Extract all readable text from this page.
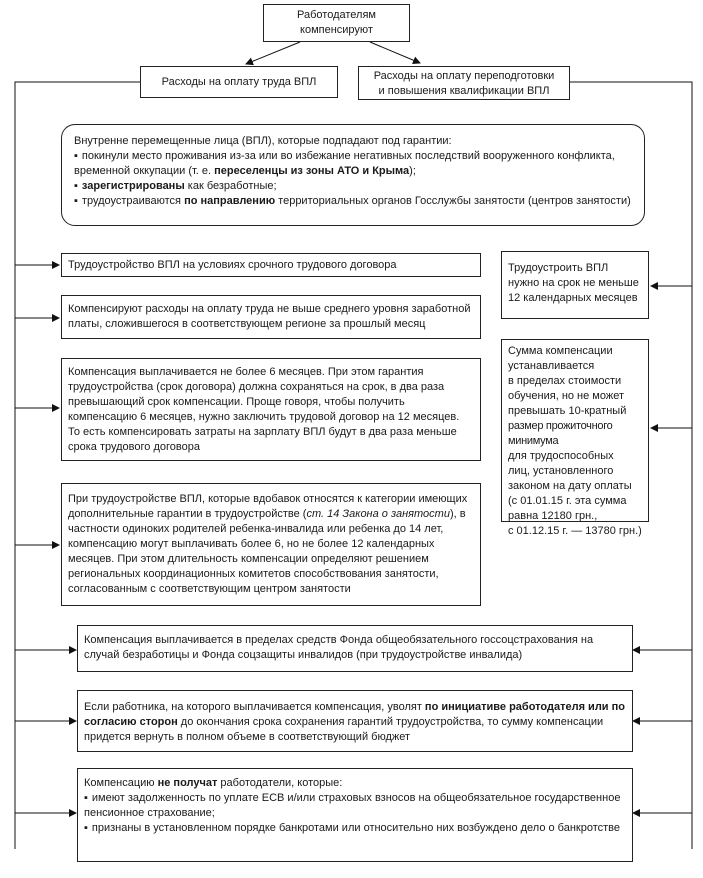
Работодателям
компенсируют
Расходы на оплату труда ВПЛ	Расходы на оплату переподготовки
и повышения квалификации ВПЛ

Внутренне перемещенные лица (ВПЛ), которые подпадают под гарантии:

▪ покинули место проживания из-за или во избежание негативных последствий вооруженного конфликта, временной оккупации (т. е. переселенцы из зоны АТО и Крыма);

▪ зарегистрированы как безработные;

▪ трудоустраиваются по направлению территориальных органов Госслужбы занятости (центров занятости)

Трудоустройство ВПЛ на условиях срочного трудового договора
Компенсируют расходы на оплату труда не выше среднего уровня заработной платы, сложившегося в соответствующем регионе за прошлый месяц
Компенсация выплачивается не более 6 месяцев. При этом гарантия трудоустройства (срок договора) должна сохраняться на срок, в два раза превышающий срок компенсации. Проще говоря, чтобы получить компенсацию 6 месяцев, нужно заключить трудовой договор на 12 месяцев. То есть компенсировать затраты на зарплату ВПЛ будут в два раза меньше срока трудового договора
При трудоустройстве ВПЛ, которые вдобавок относятся к категории имеющих дополнительные гарантии в трудоустройстве (ст. 14 Закона о занятости), в частности одиноких родителей ребенка-инвалида или ребенка до 14 лет, компенсацию могут выплачивать более 6, но не более 12 календарных месяцев. При этом длительность компенсации определяют решением региональных координационных комитетов способствования занятости, согласованным с соответствующим центром занятости
Трудоустроить ВПЛ нужно на срок не меньше 12 календарных месяцев
Сумма компенсации
устанавливается
в пределах стоимости
обучения, но не может
превышать 10-кратный
размер прожиточного минимума
для трудоспособных
лиц, установленного
законом на дату оплаты
(с 01.01.15 г. эта сумма
равна 12180 грн.,
с 01.12.15 г. — 13780 грн.)
Компенсация выплачивается в пределах средств Фонда общеобязательного госсоцстрахования на случай безработицы и Фонда соцзащиты инвалидов (при трудоустройстве инвалида)
Если работника, на которого выплачивается компенсация, уволят по инициативе работодателя или по согласию сторон до окончания срока сохранения гарантий трудоустройства, то сумму компенсации придется вернуть в полном объеме в соответствующий бюджет

Компенсацию не получат работодатели, которые:

▪ имеют задолженность по уплате ЕСВ и/или страховых взносов на общеобязательное государственное пенсионное страхование;

▪ признаны в установленном порядке банкротами или относительно них возбуждено дело о банкротстве
